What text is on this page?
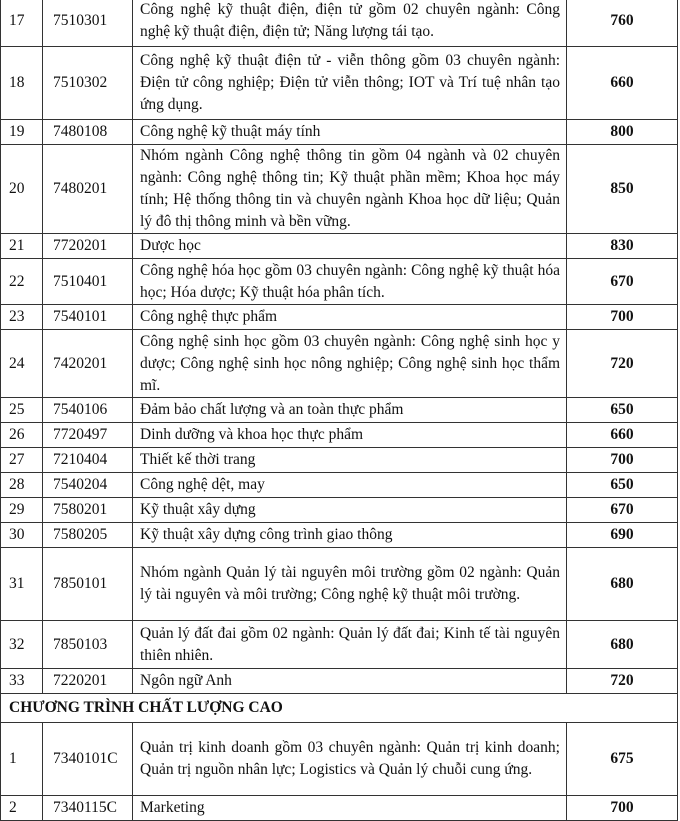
17	7510301	Công nghệ kỹ thuật điện, điện tử gồm 02 chuyên ngành: Công nghệ kỹ thuật điện, điện tử; Năng lượng tái tạo.	760
18	7510302	Công nghệ kỹ thuật điện tử - viễn thông gồm 03 chuyên ngành: Điện tử công nghiệp; Điện tử viễn thông; IOT và Trí tuệ nhân tạo ứng dụng.	660
19	7480108	Công nghệ kỹ thuật máy tính	800
20	7480201	Nhóm ngành Công nghệ thông tin gồm 04 ngành và 02 chuyên ngành: Công nghệ thông tin; Kỹ thuật phần mềm; Khoa học máy tính; Hệ thống thông tin và chuyên ngành Khoa học dữ liệu; Quản lý đô thị thông minh và bền vững.	850
21	7720201	Dược học	830
22	7510401	Công nghệ hóa học gồm 03 chuyên ngành: Công nghệ kỹ thuật hóa học; Hóa dược; Kỹ thuật hóa phân tích.	670
23	7540101	Công nghệ thực phẩm	700
24	7420201	Công nghệ sinh học gồm 03 chuyên ngành: Công nghệ sinh học y dược; Công nghệ sinh học nông nghiệp; Công nghệ sinh học thẩm mĩ.	720
25	7540106	Đảm bảo chất lượng và an toàn thực phẩm	650
26	7720497	Dinh dưỡng và khoa học thực phẩm	660
27	7210404	Thiết kế thời trang	700
28	7540204	Công nghệ dệt, may	650
29	7580201	Kỹ thuật xây dựng	670
30	7580205	Kỹ thuật xây dựng công trình giao thông	690
31	7850101	Nhóm ngành Quản lý tài nguyên môi trường gồm 02 ngành: Quản lý tài nguyên và môi trường; Công nghệ kỹ thuật môi trường.	680
32	7850103	Quản lý đất đai gồm 02 ngành: Quản lý đất đai; Kinh tế tài nguyên thiên nhiên.	680
33	7220201	Ngôn ngữ Anh	720
CHƯƠNG TRÌNH CHẤT LƯỢNG CAO			
1	7340101C	Quản trị kinh doanh gồm 03 chuyên ngành: Quản trị kinh doanh; Quản trị nguồn nhân lực; Logistics và Quản lý chuỗi cung ứng.	675
2	7340115C	Marketing	700
